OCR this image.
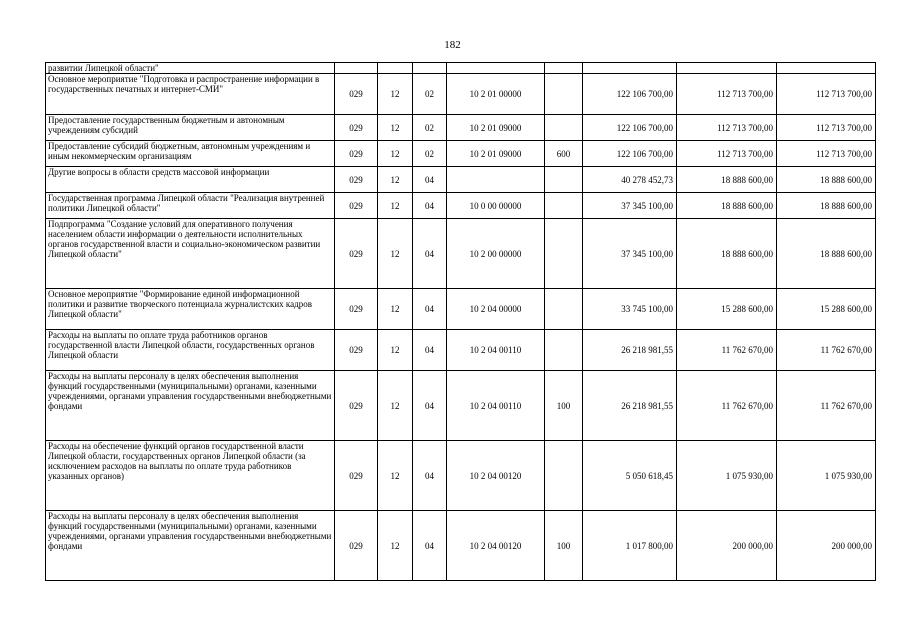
182
развитии Липецкой области"								
Основное мероприятие "Подготовка и распространение информации в государственных печатных и интернет-СМИ"	029	12	02	10 2 01 00000		122 106 700,00	112 713 700,00	112 713 700,00
Предоставление государственным бюджетным и автономным учреждениям субсидий	029	12	02	10 2 01 09000		122 106 700,00	112 713 700,00	112 713 700,00
Предоставление субсидий бюджетным, автономным учреждениям и иным некоммерческим организациям	029	12	02	10 2 01 09000	600	122 106 700,00	112 713 700,00	112 713 700,00
Другие вопросы в области средств массовой информации	029	12	04			40 278 452,73	18 888 600,00	18 888 600,00
Государственная программа Липецкой области "Реализация внутренней политики Липецкой области"	029	12	04	10 0 00 00000		37 345 100,00	18 888 600,00	18 888 600,00
Подпрограмма "Создание условий для оперативного получения населением области информации о деятельности исполнительных органов государственной власти и социально-экономическом развитии Липецкой области"	029	12	04	10 2 00 00000		37 345 100,00	18 888 600,00	18 888 600,00
Основное мероприятие "Формирование единой информационной политики и развитие творческого потенциала журналистских кадров Липецкой области"	029	12	04	10 2 04 00000		33 745 100,00	15 288 600,00	15 288 600,00
Расходы на выплаты по оплате труда работников органов государственной власти Липецкой области, государственных органов Липецкой области	029	12	04	10 2 04 00110		26 218 981,55	11 762 670,00	11 762 670,00
Расходы на выплаты персоналу в целях обеспечения выполнения функций государственными (муниципальными) органами, казенными учреждениями, органами управления государственными внебюджетными фондами	029	12	04	10 2 04 00110	100	26 218 981,55	11 762 670,00	11 762 670,00
Расходы на обеспечение функций органов государственной власти Липецкой области, государственных органов Липецкой области (за исключением расходов на выплаты по оплате труда работников указанных органов)	029	12	04	10 2 04 00120		5 050 618,45	1 075 930,00	1 075 930,00
Расходы на выплаты персоналу в целях обеспечения выполнения функций государственными (муниципальными) органами, казенными учреждениями, органами управления государственными внебюджетными фондами	029	12	04	10 2 04 00120	100	1 017 800,00	200 000,00	200 000,00
